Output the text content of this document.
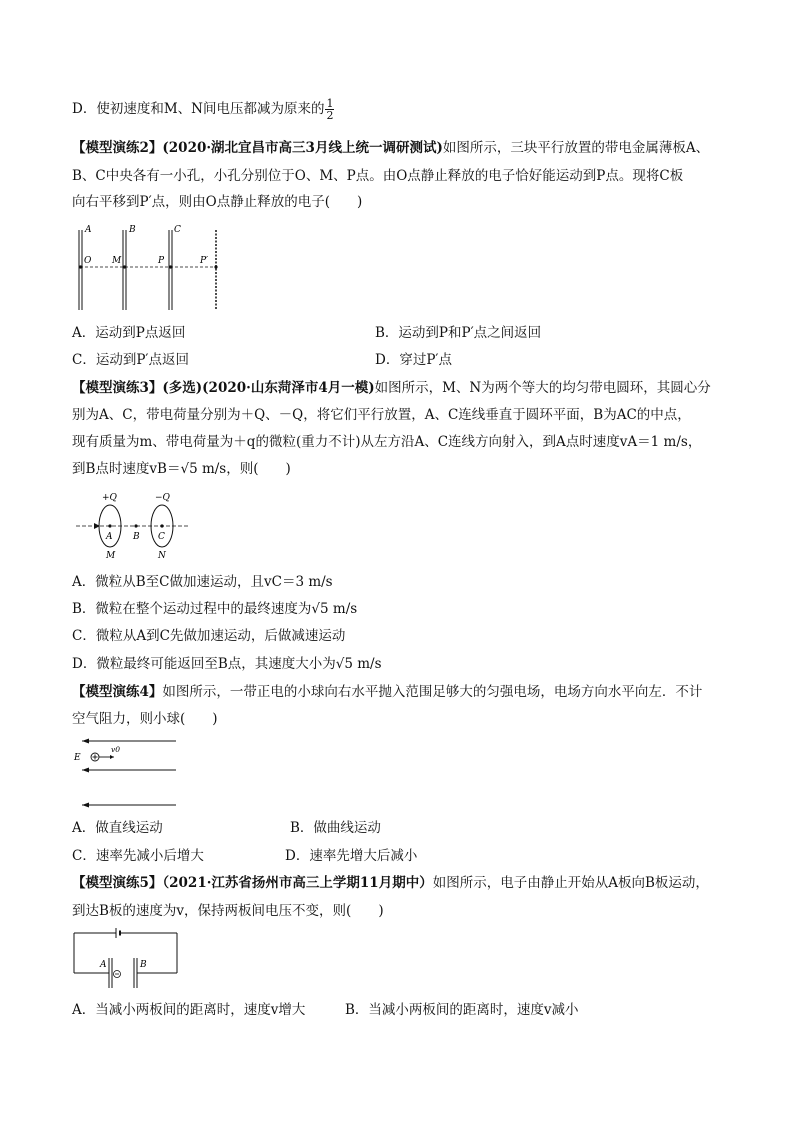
D．使初速度和M、N间电压都减为原来的 $\frac{1}{2}$
【模型演练2】(2020·湖北宜昌市高三3月线上统一调研测试)如图所示，三块平行放置的带电金属薄板A、
B、C中央各有一小孔，小孔分别位于O、M、P点。由O点静止释放的电子恰好能运动到P点。现将C板
向右平移到P′点，则由O点静止释放的电子(　　)
A	B	C
O M	P	P′
A．运动到P点返回	B．运动到P和P′点之间返回
C．运动到P′点返回	D．穿过P′点
【模型演练3】(多选)(2020·山东菏泽市4月一模)如图所示，M、N为两个等大的均匀带电圆环，其圆心分
别为A、C，带电荷量分别为＋Q、－Q，将它们平行放置，A、C连线垂直于圆环平面，B为AC的中点，
现有质量为m、带电荷量为＋q的微粒(重力不计)从左方沿A、C连线方向射入，到A点时速度vA＝1 m/s，
到B点时速度vB＝√5 m/s，则(　　)
+Q	−Q
A B C
M	N
A．微粒从B至C做加速运动，且vC＝3 m/s
B．微粒在整个运动过程中的最终速度为√5 m/s
C．微粒从A到C先做加速运动，后做减速运动
D．微粒最终可能返回至B点，其速度大小为√5 m/s
【模型演练4】如图所示，一带正电的小球向右水平抛入范围足够大的匀强电场，电场方向水平向左．不计
空气阻力，则小球(　　)
E
v0
A．做直线运动	B．做曲线运动
C．速率先减小后增大	D．速率先增大后减小
【模型演练5】（2021·江苏省扬州市高三上学期11月期中）如图所示，电子由静止开始从A板向B板运动，
到达B板的速度为v，保持两板间电压不变，则(　　)
A	B
A．当减小两板间的距离时，速度v增大	B．当减小两板间的距离时，速度v减小
